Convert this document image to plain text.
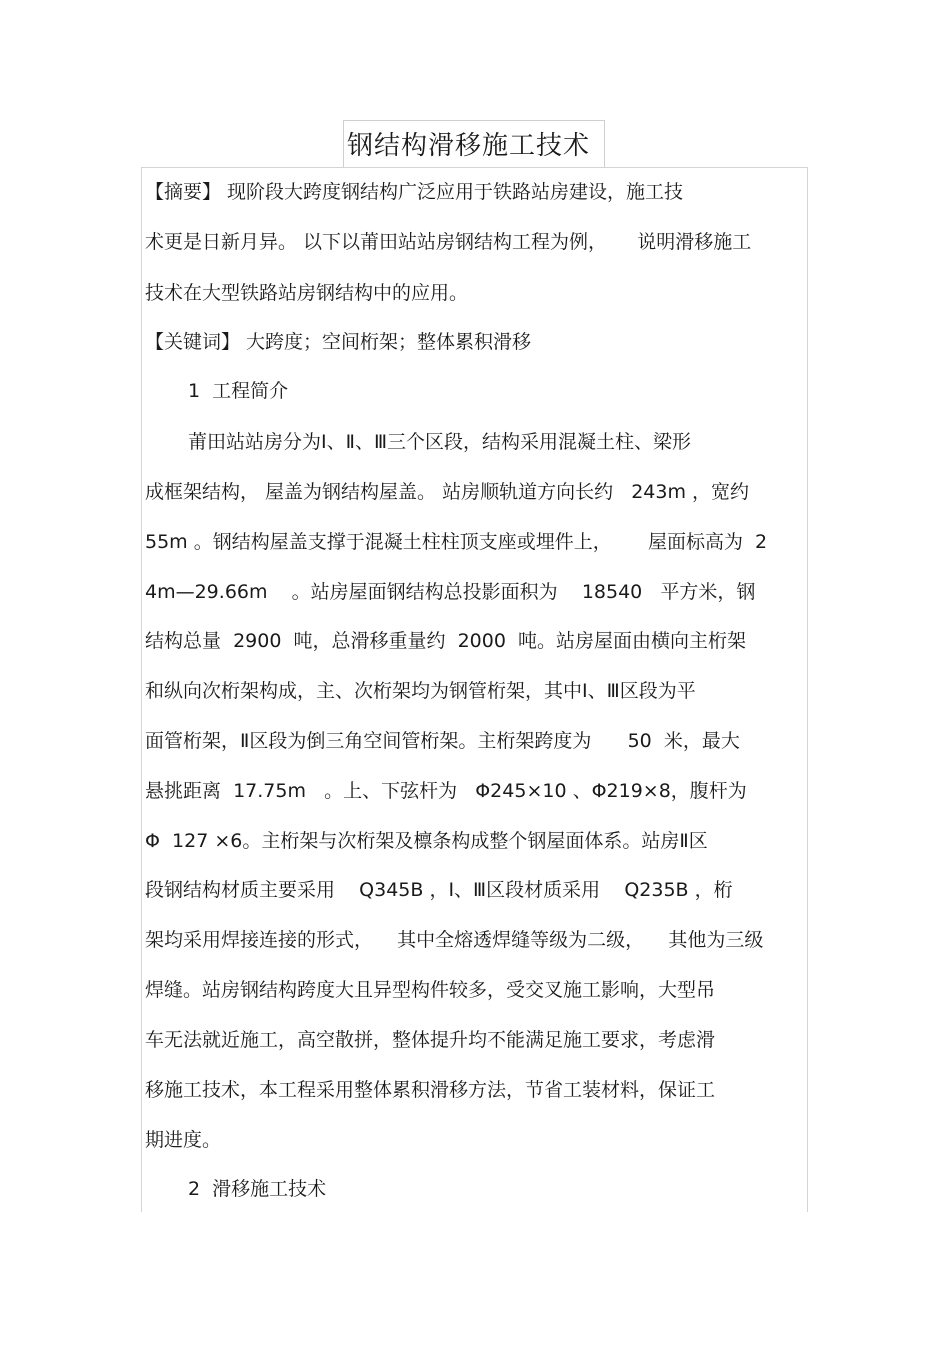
钢结构滑移施工技术
【摘要】 现阶段大跨度钢结构广泛应用于铁路站房建设，施工技
术更是日新月异。 以下以莆田站站房钢结构工程为例，     说明滑移施工
技术在大型铁路站房钢结构中的应用。
【关键词】 大跨度；空间桁架；整体累积滑移
1  工程简介
莆田站站房分为Ⅰ、Ⅱ、Ⅲ三个区段，结构采用混凝土柱、梁形
成框架结构， 屋盖为钢结构屋盖。 站房顺轨道方向长约   243m ，宽约
55m 。钢结构屋盖支撑于混凝土柱柱顶支座或埋件上，      屋面标高为  2
4m—29.66m    。站房屋面钢结构总投影面积为    18540   平方米，钢
结构总量  2900  吨，总滑移重量约  2000  吨。站房屋面由横向主桁架
和纵向次桁架构成，主、次桁架均为钢管桁架，其中Ⅰ、Ⅲ区段为平
面管桁架，Ⅱ区段为倒三角空间管桁架。主桁架跨度为      50  米，最大
悬挑距离  17.75m   。上、下弦杆为   Φ245×10 、Φ219×8，腹杆为
Φ  127 ×6。主桁架与次桁架及檩条构成整个钢屋面体系。站房Ⅱ区
段钢结构材质主要采用    Q345B ，Ⅰ、Ⅲ区段材质采用    Q235B ，桁
架均采用焊接连接的形式，    其中全熔透焊缝等级为二级，    其他为三级
焊缝。站房钢结构跨度大且异型构件较多，受交叉施工影响，大型吊
车无法就近施工，高空散拼，整体提升均不能满足施工要求，考虑滑
移施工技术，本工程采用整体累积滑移方法，节省工装材料，保证工
期进度。
2  滑移施工技术
